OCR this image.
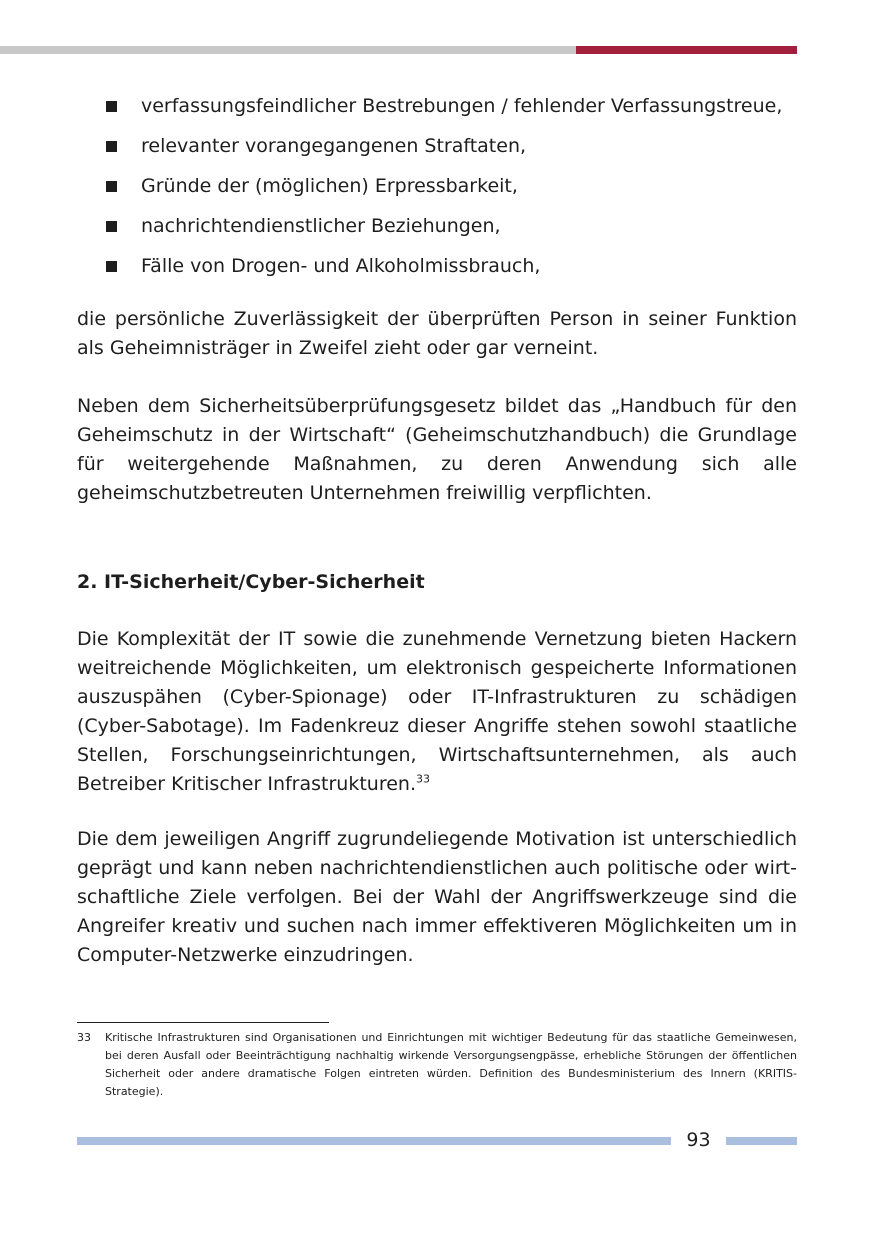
verfassungsfeindlicher Bestrebungen / fehlender Verfassungstreue,
relevanter vorangegangenen Straftaten,
Gründe der (möglichen) Erpressbarkeit,
nachrichtendienstlicher Beziehungen,
Fälle von Drogen- und Alkoholmissbrauch,

die persönliche Zuverlässigkeit der überprüften Person in seiner Funktion als Geheimnisträger in Zweifel zieht oder gar verneint.

Neben dem Sicherheitsüberprüfungsgesetz bildet das „Handbuch für den Geheimschutz in der Wirtschaft“ (Geheimschutzhandbuch) die Grundlage für weitergehende Maßnahmen, zu deren Anwendung sich alle geheimschutzbetreuten Unternehmen freiwillig verpflichten.

2. IT-Sicherheit/Cyber-Sicherheit

Die Komplexität der IT sowie die zunehmende Vernetzung bieten Hackern weitreichende Möglichkeiten, um elektronisch gespeicherte Informationen auszuspähen (Cyber-Spionage) oder IT-Infrastrukturen zu schädigen (Cyber-Sabotage). Im Fadenkreuz dieser Angriffe stehen sowohl staatliche Stellen, Forschungseinrichtungen, Wirtschaftsunternehmen, als auch Betreiber Kritischer Infrastrukturen.$^{33}$

Die dem jeweiligen Angriff zugrundeliegende Motivation ist unterschiedlich geprägt und kann neben nachrichtendienstlichen auch politische oder wirtschaftliche Ziele verfolgen. Bei der Wahl der Angriffswerkzeuge sind die Angreifer kreativ und suchen nach immer effektiveren Möglichkeiten um in Computer-Netzwerke einzudringen.

33	Kritische Infrastrukturen sind Organisationen und Einrichtungen mit wichtiger Bedeutung für das staatliche Gemeinwesen, bei deren Ausfall oder Beeinträchtigung nachhaltig wirkende Versorgungsengpässe, erhebliche Störungen der öffentlichen Sicherheit oder andere dramatische Folgen eintreten würden. Definition des Bundesministerium des Innern (KRITIS-Strategie).
93
